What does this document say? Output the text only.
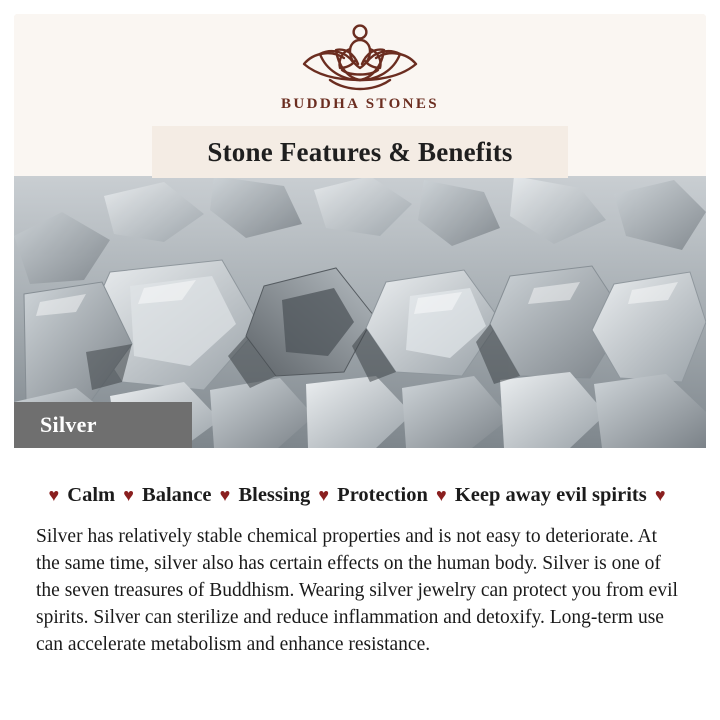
Silver
♥ Calm ♥ Balance ♥ Blessing ♥ Protection ♥ Keep away evil spirits ♥
Silver has relatively stable chemical properties and is not easy to deteriorate. At the same time, silver also has certain effects on the human body. Silver is one of the seven treasures of Buddhism. Wearing silver jewelry can protect you from evil spirits. Silver can sterilize and reduce inflammation and detoxify. Long-term use can accelerate metabolism and enhance resistance.
Stone Features & Benefits
BUDDHA STONES
